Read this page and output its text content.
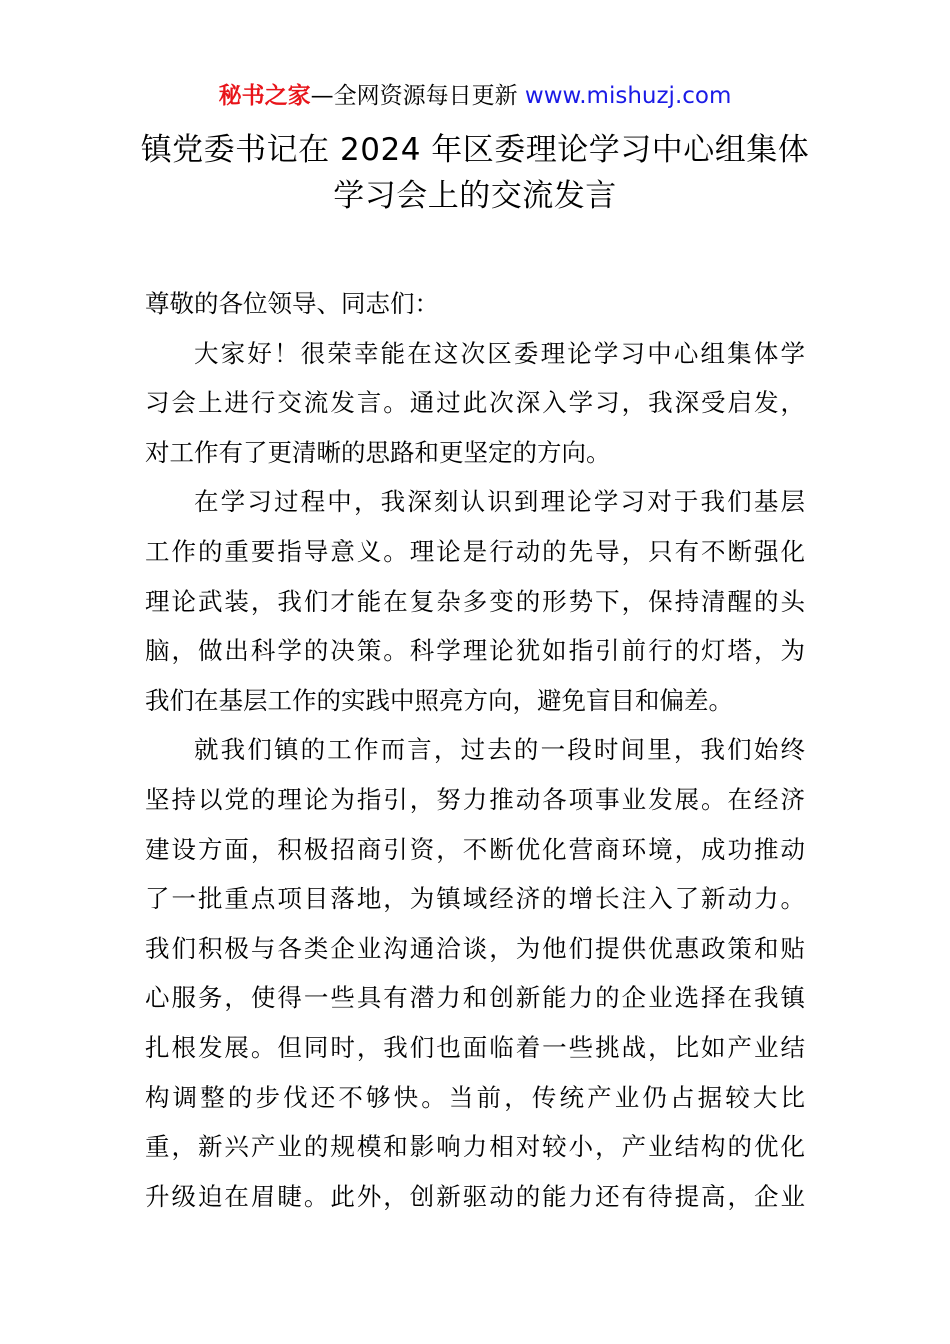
秘书之家—全网资源每日更新 www.mishuzj.com
镇党委书记在 2024 年区委理论学习中心组集体
学习会上的交流发言

尊敬的各位领导、同志们：

大家好！很荣幸能在这次区委理论学习中心组集体学
习会上进行交流发言。通过此次深入学习，我深受启发，
对工作有了更清晰的思路和更坚定的方向。
在学习过程中，我深刻认识到理论学习对于我们基层
工作的重要指导意义。理论是行动的先导，只有不断强化
理论武装，我们才能在复杂多变的形势下，保持清醒的头
脑，做出科学的决策。科学理论犹如指引前行的灯塔，为
我们在基层工作的实践中照亮方向，避免盲目和偏差。
就我们镇的工作而言，过去的一段时间里，我们始终
坚持以党的理论为指引，努力推动各项事业发展。在经济
建设方面，积极招商引资，不断优化营商环境，成功推动
了一批重点项目落地，为镇域经济的增长注入了新动力。
我们积极与各类企业沟通洽谈，为他们提供优惠政策和贴
心服务，使得一些具有潜力和创新能力的企业选择在我镇
扎根发展。但同时，我们也面临着一些挑战，比如产业结
构调整的步伐还不够快。当前，传统产业仍占据较大比
重，新兴产业的规模和影响力相对较小，产业结构的优化
升级迫在眉睫。此外，创新驱动的能力还有待提高，企业
